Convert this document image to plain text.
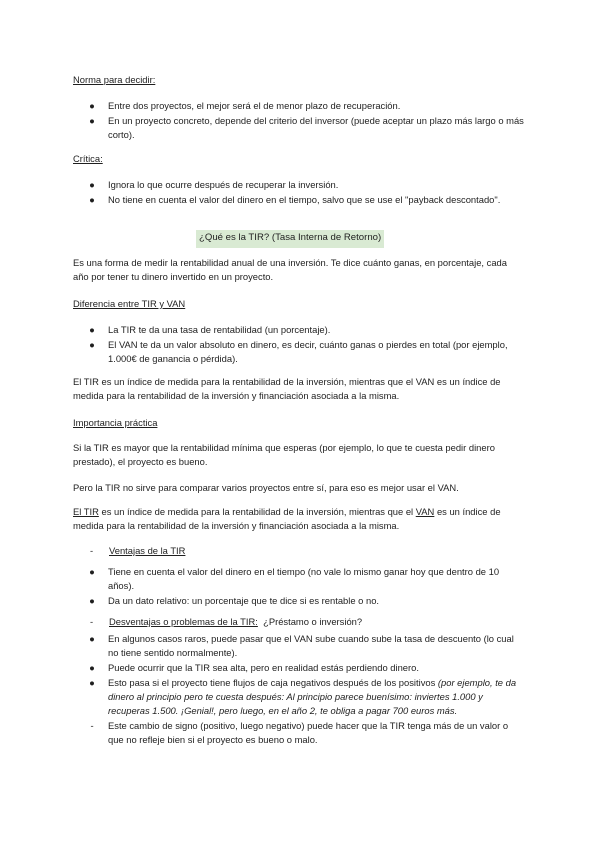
Norma para decidir:

● Entre dos proyectos, el mejor será el de menor plazo de recuperación.
● En un proyecto concreto, depende del criterio del inversor (puede aceptar un plazo más largo o más corto).

Crítica:

● Ignora lo que ocurre después de recuperar la inversión.
● No tiene en cuenta el valor del dinero en el tiempo, salvo que se use el "payback descontado".
¿Qué es la TIR? (Tasa Interna de Retorno)

Es una forma de medir la rentabilidad anual de una inversión. Te dice cuánto ganas, en porcentaje, cada año por tener tu dinero invertido en un proyecto.

Diferencia entre TIR y VAN

● La TIR te da una tasa de rentabilidad (un porcentaje).
● El VAN te da un valor absoluto en dinero, es decir, cuánto ganas o pierdes en total (por ejemplo, 1.000€ de ganancia o pérdida).

El TIR es un índice de medida para la rentabilidad de la inversión, mientras que el VAN es un índice de medida para la rentabilidad de la inversión y financiación asociada a la misma.

Importancia práctica

Si la TIR es mayor que la rentabilidad mínima que esperas (por ejemplo, lo que te cuesta pedir dinero prestado), el proyecto es bueno.

Pero la TIR no sirve para comparar varios proyectos entre sí, para eso es mejor usar el VAN.

El TIR es un índice de medida para la rentabilidad de la inversión, mientras que el VAN es un índice de medida para la rentabilidad de la inversión y financiación asociada a la misma.

- Ventajas de la TIR
● Tiene en cuenta el valor del dinero en el tiempo (no vale lo mismo ganar hoy que dentro de 10 años).
● Da un dato relativo: un porcentaje que te dice si es rentable o no.
- Desventajas o problemas de la TIR: ¿Préstamo o inversión?
● En algunos casos raros, puede pasar que el VAN sube cuando sube la tasa de descuento (lo cual no tiene sentido normalmente).
● Puede ocurrir que la TIR sea alta, pero en realidad estás perdiendo dinero.
● Esto pasa si el proyecto tiene flujos de caja negativos después de los positivos (por ejemplo, te da dinero al principio pero te cuesta después: Al principio parece buenísimo: inviertes 1.000 y recuperas 1.500. ¡Genial!, pero luego, en el año 2, te obliga a pagar 700 euros más.
-	Este cambio de signo (positivo, luego negativo) puede hacer que la TIR tenga más de un valor o que no refleje bien si el proyecto es bueno o malo.
